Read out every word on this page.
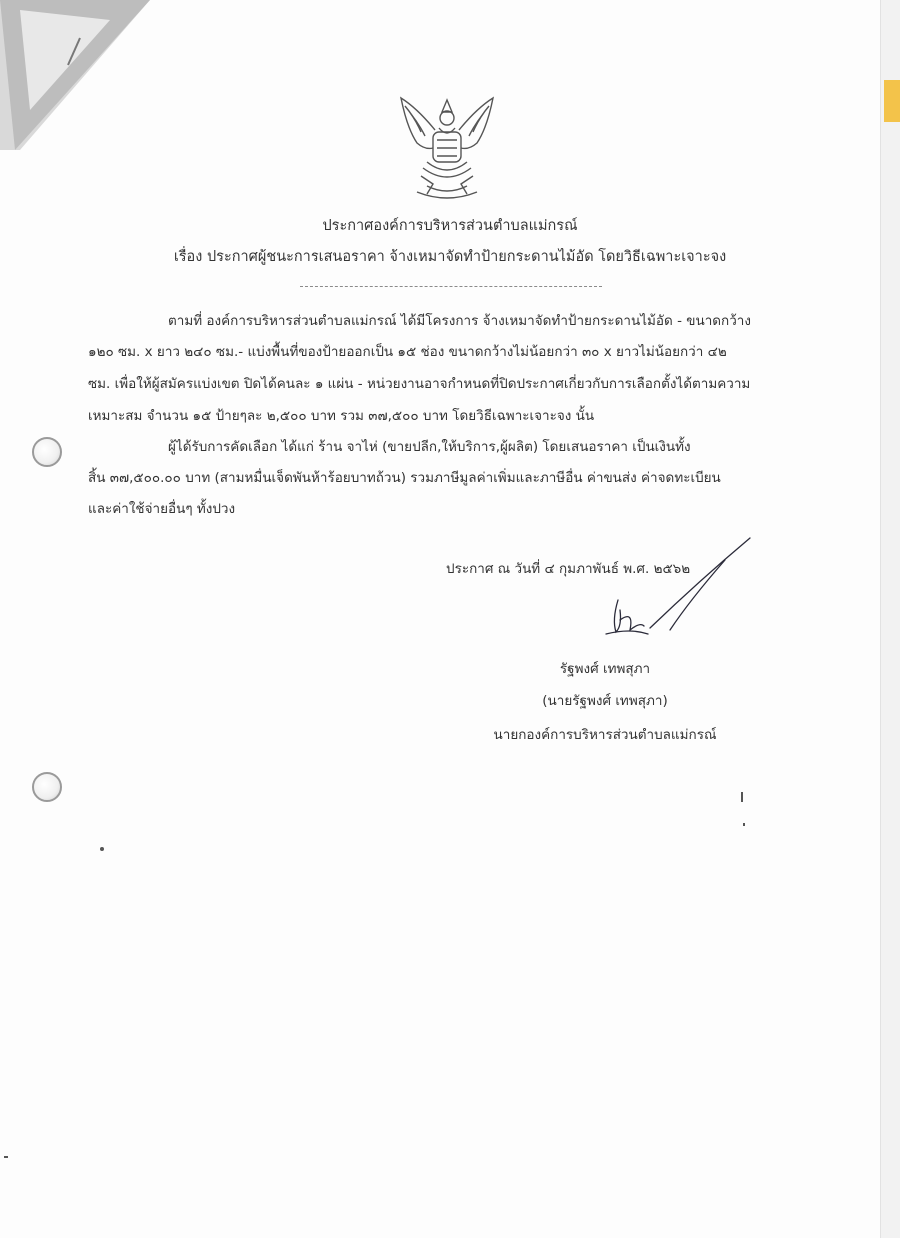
ประกาศองค์การบริหารส่วนตำบลแม่กรณ์
เรื่อง ประกาศผู้ชนะการเสนอราคา จ้างเหมาจัดทำป้ายกระดานไม้อัด โดยวิธีเฉพาะเจาะจง
ตามที่ องค์การบริหารส่วนตำบลแม่กรณ์ ได้มีโครงการ จ้างเหมาจัดทำป้ายกระดานไม้อัด - ขนาดกว้าง
๑๒๐ ซม. x ยาว ๒๔๐ ซม.- แบ่งพื้นที่ของป้ายออกเป็น ๑๕ ช่อง ขนาดกว้างไม่น้อยกว่า ๓๐ x ยาวไม่น้อยกว่า ๔๒
ซม. เพื่อให้ผู้สมัครแบ่งเขต ปิดได้คนละ ๑ แผ่น - หน่วยงานอาจกำหนดที่ปิดประกาศเกี่ยวกับการเลือกตั้งได้ตามความ
เหมาะสม จำนวน ๑๕ ป้ายๆละ ๒,๕๐๐ บาท รวม ๓๗,๕๐๐ บาท โดยวิธีเฉพาะเจาะจง นั้น
ผู้ได้รับการคัดเลือก ได้แก่ ร้าน จาไห่ (ขายปลีก,ให้บริการ,ผู้ผลิต) โดยเสนอราคา เป็นเงินทั้ง
สิ้น ๓๗,๕๐๐.๐๐ บาท (สามหมื่นเจ็ดพันห้าร้อยบาทถ้วน) รวมภาษีมูลค่าเพิ่มและภาษีอื่น ค่าขนส่ง ค่าจดทะเบียน
และค่าใช้จ่ายอื่นๆ ทั้งปวง
ประกาศ ณ วันที่ ๔ กุมภาพันธ์ พ.ศ. ๒๕๖๒
รัฐพงศ์ เทพสุภา
(นายรัฐพงศ์ เทพสุภา)
นายกองค์การบริหารส่วนตำบลแม่กรณ์
